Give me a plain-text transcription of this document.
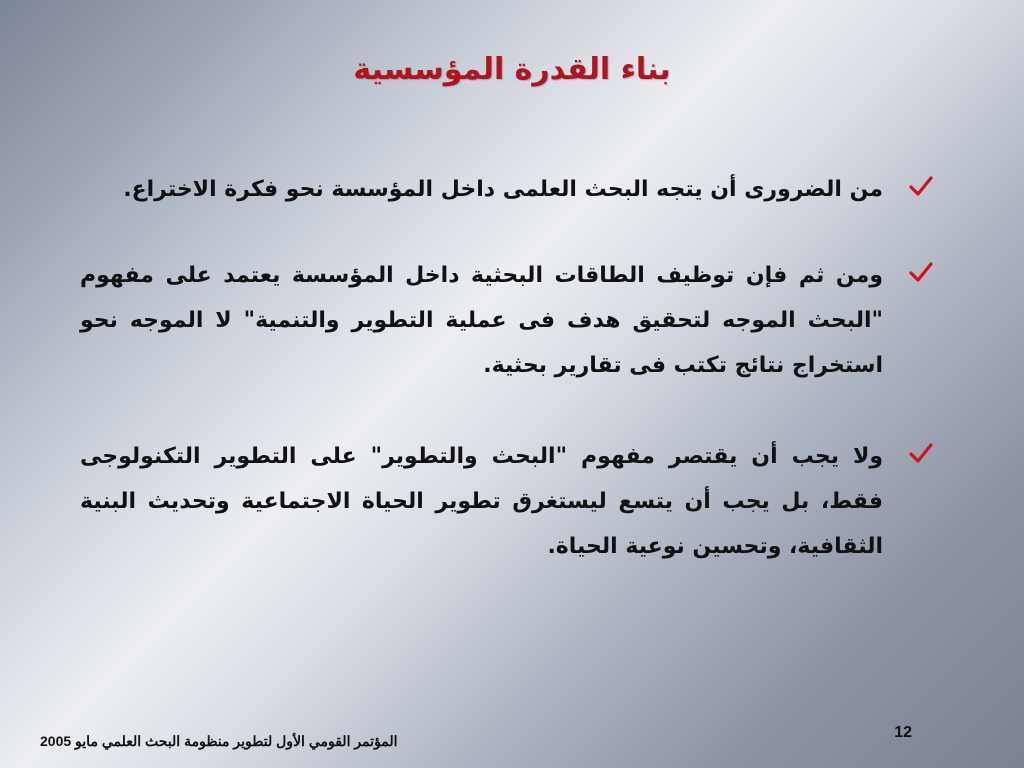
بناء القدرة المؤسسية
من الضرورى أن يتجه البحث العلمى داخل المؤسسة نحو فكرة الاختراع.
ومن ثم فإن توظيف الطاقات البحثية داخل المؤسسة يعتمد على مفهوم "البحث الموجه لتحقيق هدف فى عملية التطوير والتنمية" لا الموجه نحو استخراج نتائج تكتب فى تقارير بحثية.
ولا يجب أن يقتصر مفهوم "البحث والتطوير" على التطوير التكنولوجى فقط، بل يجب أن يتسع ليستغرق تطوير الحياة الاجتماعية وتحديث البنية الثقافية، وتحسين نوعية الحياة.
المؤتمر القومي الأول لتطوير منظومة البحث العلمي مايو 2005	12
